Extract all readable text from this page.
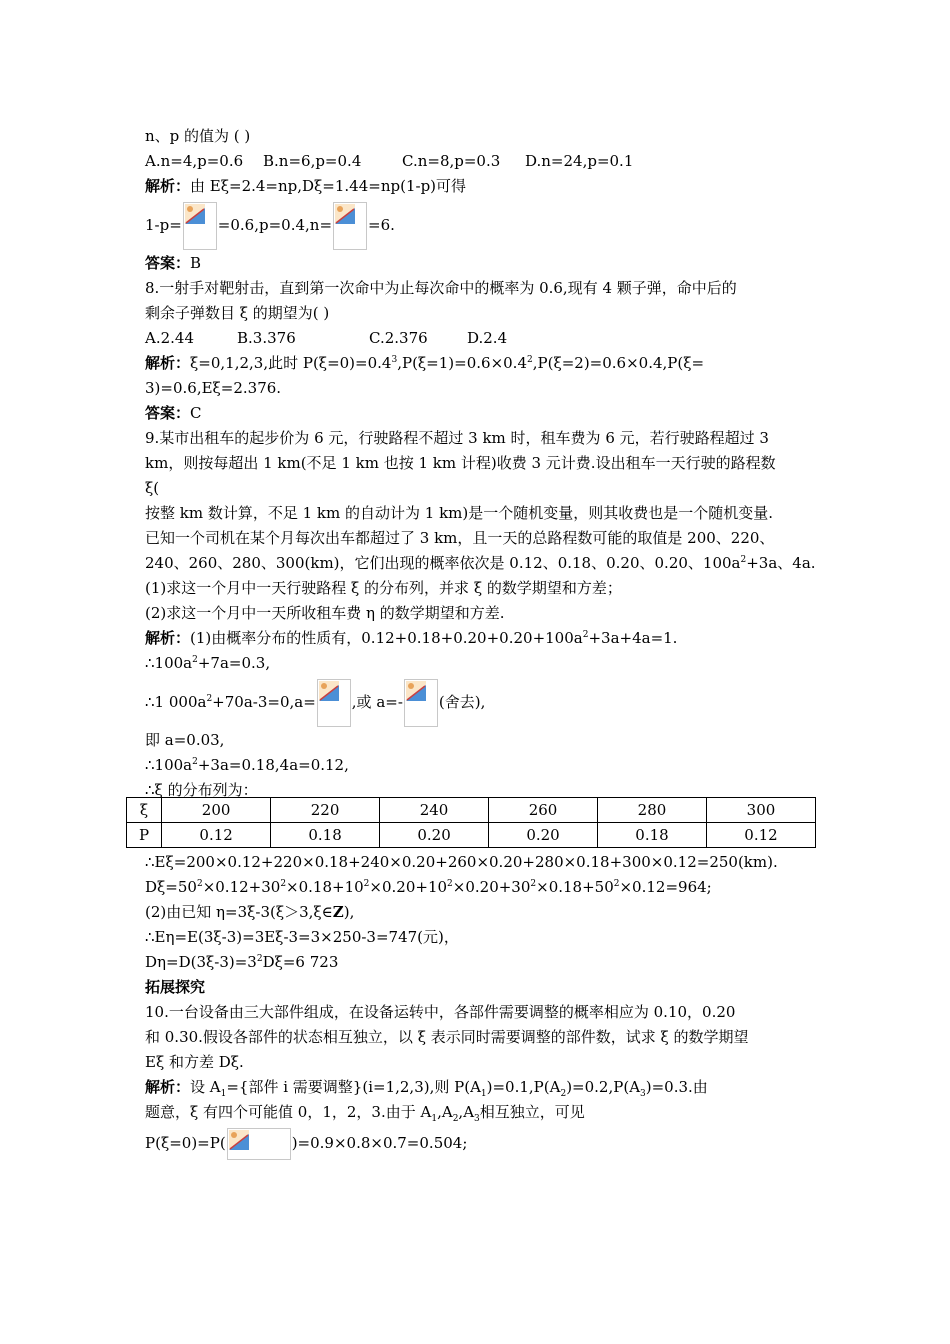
n、p 的值为 ( )
A.n=4,p=0.6 B.n=6,p=0.4	C.n=8,p=0.3 D.n=24,p=0.1
解析：由 Eξ=2.4=np,Dξ=1.44=np(1-p)可得
1-p= =0.6,p=0.4,n= =6.
答案：B
8.一射手对靶射击，直到第一次命中为止每次命中的概率为 0.6,现有 4 颗子弹，命中后的
剩余子弹数目 ξ 的期望为( )
A.2.44	B.3.376	C.2.376	D.2.4
解析：ξ=0,1,2,3,此时 $P(\xi=0)=0.4^3,P(\xi=1)=0.6\times 0.4^2,P(\xi=2)=0.6\times 0.4,P(\xi=$
3)=0.6,Eξ=2.376.
答案：C
9.某市出租车的起步价为 6 元，行驶路程不超过 3 km 时，租车费为 6 元，若行驶路程超过 3
km，则按每超出 1 km(不足 1 km 也按 1 km 计程)收费 3 元计费.设出租车一天行驶的路程数
ξ(
按整 km 数计算，不足 1 km 的自动计为 1 km)是一个随机变量，则其收费也是一个随机变量.
已知一个司机在某个月每次出车都超过了 3 km，且一天的总路程数可能的取值是 200、220、
240、260、280、300(km)，它们出现的概率依次是 0.12、0.18、0.20、0.20、$100a^2+3a$、4a.
(1)求这一个月中一天行驶路程 ξ 的分布列，并求 ξ 的数学期望和方差；
(2)求这一个月中一天所收租车费 η 的数学期望和方差.
解析：(1)由概率分布的性质有，$0.12+0.18+0.20+0.20+100a^2+3a+4a=1$.
$\therefore 100a^2+7a=0.3$,
∴1 $000a^2+70a-3=0,a=$ ,或 a=- (舍去),
即 a=0.03,
$\therefore 100a^2+3a=0.18,4a=0.12$,
∴ξ 的分布列为：
ξ	200	220	240	260	280	300
P	0.12	0.18	0.20	0.20	0.18	0.12
∴Eξ=200×0.12+220×0.18+240×0.20+260×0.20+280×0.18+300×0.12=250(km).
$D\xi=50^2\times 0.12+30^2\times 0.18+10^2\times 0.20+10^2\times 0.20+30^2\times 0.18+50^2\times 0.12=964$;
(2)由已知 η=3ξ-3(ξ＞3,ξ∈Z),
∴Eη=E(3ξ-3)=3Eξ-3=3×250-3=747(元)，
$D\eta=D(3\xi-3)=3^2D\xi=6$ 723
拓展探究
10.一台设备由三大部件组成，在设备运转中，各部件需要调整的概率相应为 0.10，0.20
和 0.30.假设各部件的状态相互独立，以 ξ 表示同时需要调整的部件数，试求 ξ 的数学期望
Eξ 和方差 Dξ.
解析：设 $A_1=${部件 i 需要调整}(i=1,2,3),则 $P(A_1)=0.1,P(A_2)=0.2,P(A_3)=0.3$.由
题意，ξ 有四个可能值 0，1，2，3.由于 $A_1,A_2,A_3$相互独立，可见
P(ξ=0)=P(	)=0.9×0.8×0.7=0.504;
